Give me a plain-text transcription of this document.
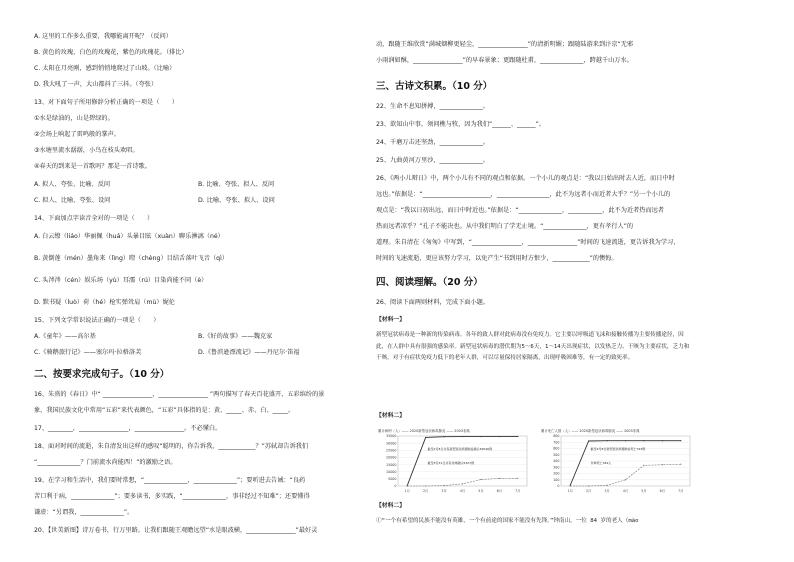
A. 这里的工作多么重要，我哪能离开呢？（反问）
B. 黄色的玫瑰，白色的玫瑰花，紫色的玫瑰花。（排比）
C. 太阳在月亮刚，感到悄悄地爬过了山坡。（比喻）
D. 我大吼了一声，大山都抖了三抖。（夸张）
13、对下面句子所用修辞分析正确的一项是（　　）
①水是绿油的，山是碧绿的。
②会场上响起了雷鸣般的掌声。
③水塘里流水潺潺，小鸟在枝头欢唱。
④春天的到来是一首歌吗？那是一首诗歌。
A. 拟人、夸张、比喻、反问	B. 比喻、夸张、拟人、反问
C. 拟人、比喻、夸张、设问	D. 比喻、夸张、拟人、设问
14、下面加点字读音全对的一项是（　　）
A. 白云缭（liáo）华丽佩（huá）头暴目眩（xuàn）聊乐淋漓（né）
B. 黄倒莲（mén）墨角来（lìng）瞪（chèng）目结舌落叶飞音（qì）
C. 头涔涔（cén）娱乐场（yù）耳濡（rú）目染尚能不同（è）
D. 默书疑（luò）荷（hé）枪实弹耸肩（mù）娓伦
15、下列文学常识说法正确的一项是（　　）
A.《童年》——高尔基	B.《好的故事》——魏克家
C.《骑鹅旅行记》——塞尔玛·拉格洛芙	D.《鲁滨逊漂流记》——丹尼尔·笛福
二、按要求完成句子。（10 分）
16、朱熹的《春日》中“ ________________，________________ ”两句描写了春天百花盛开、五彩缤纷的景
象，我国民族文化中常用“五彩”来代表颜色，“五彩”具体指的是：黄、_____、赤、白、_____。
17、________，________________，________________。不必懂白。
18、面对时间的流逝，朱自清发出这样的感叹“聪明的，你告诉我，____________？”苏轼却告诉我们
“______________？门前流水尚能西！”的激励之语。
19、在学习和生活中，我们要时常想，“______________，______________”；要听进去告诫：“良药
苦口利于病，______________”；要多读书，多实践，“______________，事非经过不知难”；还要懂得
谦虚：“另谓我，______________”。
20、【世美新图】诗万卷书，行万里路。让我们跟随王观瞻远望“水是眼波横，________________”最好灵
动，跟随王维欣赏“满城烟柳更轻尘，________________”的清新明媚；跟随陆游来到汴京“无邪
小雨润如酥，________________”的早春景象；更跟随杜甫，______________，跨越千山万水。
三、古诗文积累。（10 分）
22、生命不息知拼搏，______________。
23、欲知山中事，须问樵与牧，因为我们“______、______”。
24、千磨万击还坚劲，______________。
25、九曲黄河万里沙，______________。
26、《两小儿辩日》中，两个小儿有不同的观点和依据。一个小儿的观点是：“我以日始出时去人近，而日中时
远也。”依据是：“______________________，_________________，此不为远者小而近者大乎？”另一个小儿的
观点是：“我以日初出远，而日中时近也。”依据是：“______________，___________，此不为近者热而远者
热而远者凉乎？”孔子不能决也。从中我们明白了学无止境。“______________，更有孝行人”的
道理。朱自清在《匆匆》中写到，“________________，________________”时间的飞速流逝，更告诉我为学习，
时间的飞速流逝，更应该努力学习，以免产生“书到用时方恨少，____________”的懊悔。
四、阅读理解。（20 分）
26、阅读下面两则材料，完成下面小题。
【材料一】
新型冠状病毒是一种新的传染病毒。各年的致人群对此病毒没有免疫力。它主要以呼吸道飞沫和接触传播为主要传播途径，因此，在人群中具有很强的感染率。新型冠状病毒的潜伏期为5～6天，1～14天出现症状，以发热乏力、干咳为主要症状，乏力和干咳。对于有症状免疫力低下的老年人群，可以尽量保持居家隔离，出现呼吸困难等，有一定的致死率。
【材料二】
累计病例（人）—— 2020新型冠状病毒肺炎 —— 2003非典
35000
30000
25000
20000
15000
10000
5000
0
1月	2月	3月	4月	5月	6月	7月
截至2月8日共有新型冠状病毒肺炎确诊34546例
截至5月31日共有非典确诊5327例
累计死亡人数（人）—— 2020新型冠状病毒肺炎 —— 2003非典
800
700
600
500
400
300
200
100
0
1月	2月	3月	4月	5月	6月	7月
截至2月8日新型冠状病毒肺炎死亡723例
非典死亡349人
【材料二】
①“一个有希望的民族不能没有英雄，一个有前途的国家不能没有先锋。”钟南山，一位 84 岁的老人（mào
